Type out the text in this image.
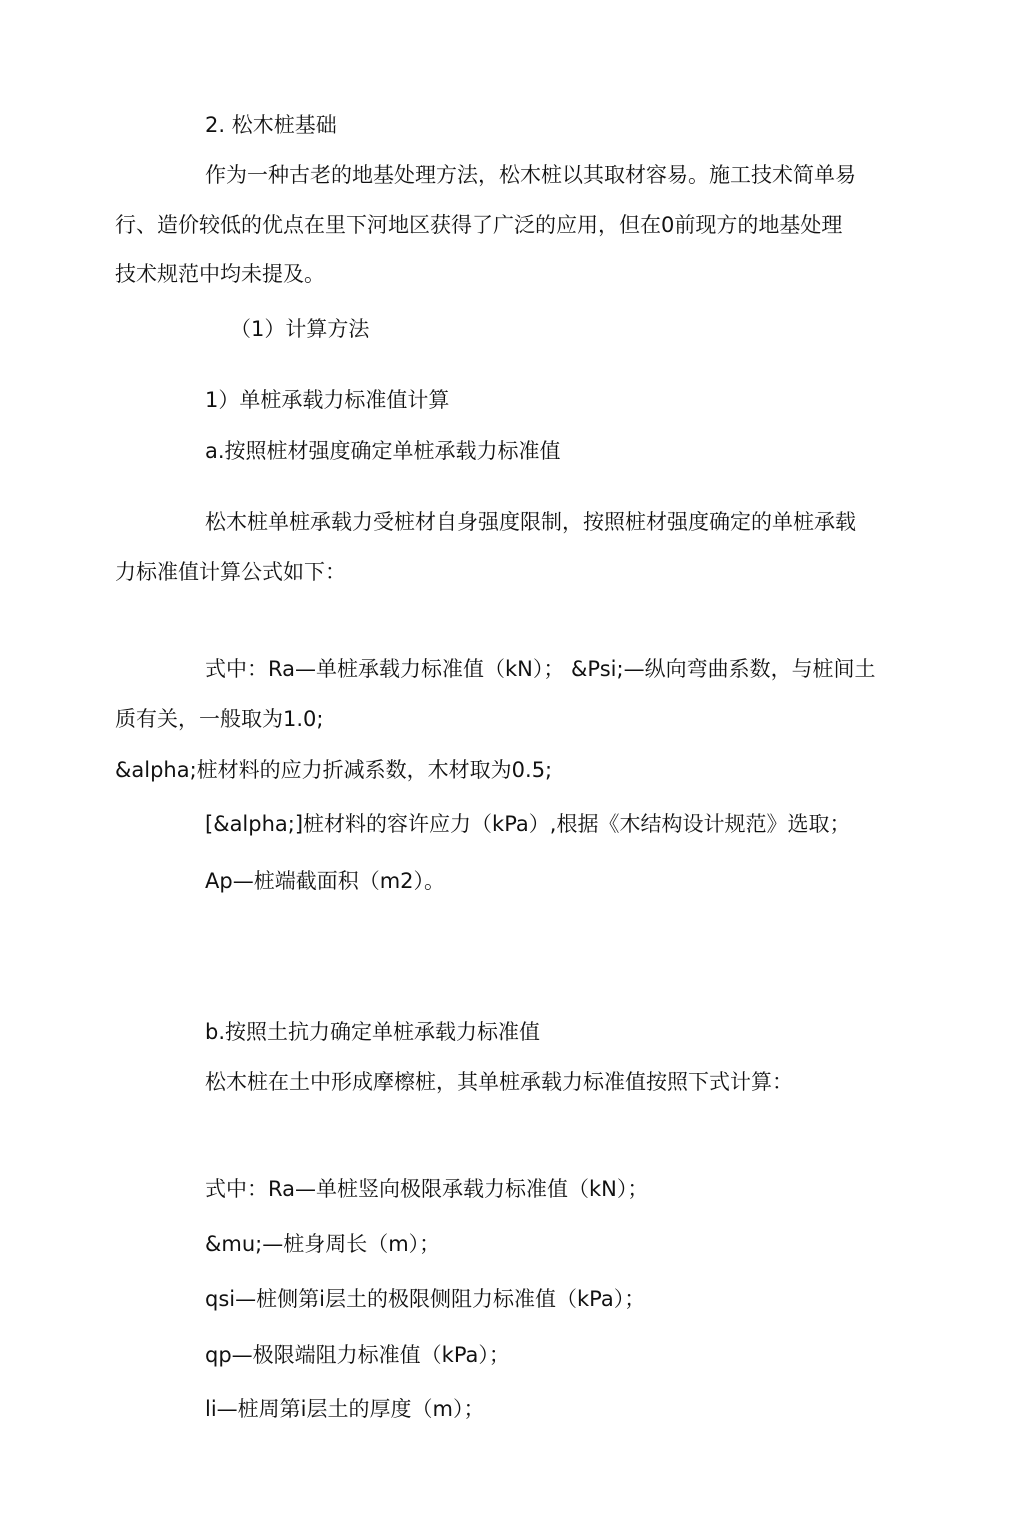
2. 松木桩基础
作为一种古老的地基处理方法，松木桩以其取材容易。施工技术简单易
行、造价较低的优点在里下河地区获得了广泛的应用，但在0前现方的地基处理
技术规范中均未提及。
（1）计算方法
1）单桩承载力标准值计算
a.按照桩材强度确定单桩承载力标准值
松木桩单桩承载力受桩材自身强度限制，按照桩材强度确定的单桩承载
力标准值计算公式如下：
式中：Ra—单桩承载力标准值（kN）； &Psi;—纵向弯曲系数，与桩间土
质有关，一般取为1.0;
&alpha;桩材料的应力折减系数，木材取为0.5;
[&alpha;]桩材料的容许应力（kPa）,根据《木结构设计规范》选取；
Ap—桩端截面积（m2）。
b.按照土抗力确定单桩承载力标准值
松木桩在土中形成摩檫桩，其单桩承载力标准值按照下式计算：
式中：Ra—单桩竖向极限承载力标准值（kN）；
&mu;—桩身周长（m）；
qsi—桩侧第i层土的极限侧阻力标准值（kPa）；
qp—极限端阻力标准值（kPa）；
li—桩周第i层土的厚度（m）；
